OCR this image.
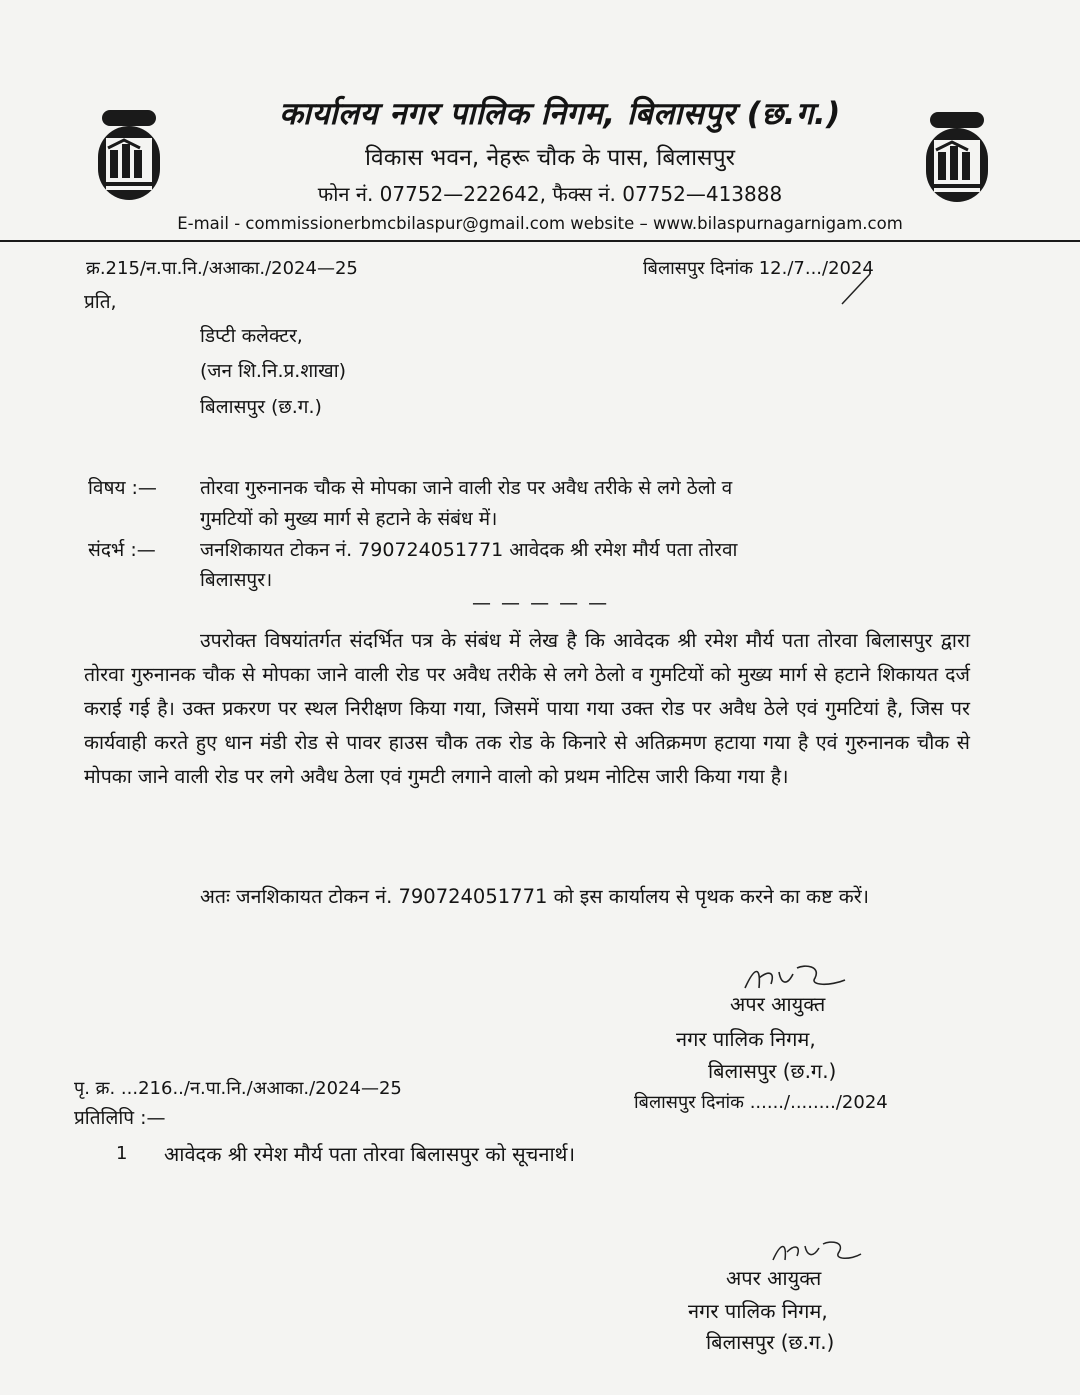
कार्यालय नगर पालिक निगम, बिलासपुर (छ.ग.)
विकास भवन, नेहरू चौक के पास, बिलासपुर
फोन नं. 07752—222642, फैक्स नं. 07752—413888
E-mail - commissionerbmcbilaspur@gmail.com website – www.bilaspurnagarnigam.com
क्र.215/न.पा.नि./अआका./2024—25	बिलासपुर दिनांक 12./7.../2024
प्रति,
डिप्टी कलेक्टर,
(जन शि.नि.प्र.शाखा)
बिलासपुर (छ.ग.)
विषय :— तोरवा गुरुनानक चौक से मोपका जाने वाली रोड पर अवैध तरीके से लगे ठेलो व
गुमटियों को मुख्य मार्ग से हटाने के संबंध में।
संदर्भ :— जनशिकायत टोकन नं. 790724051771 आवेदक श्री रमेश मौर्य पता तोरवा
बिलासपुर।
— — — — —
उपरोक्त विषयांतर्गत संदर्भित पत्र के संबंध में लेख है कि आवेदक श्री रमेश मौर्य पता तोरवा बिलासपुर द्वारा तोरवा गुरुनानक चौक से मोपका जाने वाली रोड पर अवैध तरीके से लगे ठेलो व गुमटियों को मुख्य मार्ग से हटाने शिकायत दर्ज कराई गई है। उक्त प्रकरण पर स्थल निरीक्षण किया गया, जिसमें पाया गया उक्त रोड पर अवैध ठेले एवं गुमटियां है, जिस पर कार्यवाही करते हुए धान मंडी रोड से पावर हाउस चौक तक रोड के किनारे से अतिक्रमण हटाया गया है एवं गुरुनानक चौक से मोपका जाने वाली रोड पर लगे अवैध ठेला एवं गुमटी लगाने वालो को प्रथम नोटिस जारी किया गया है।
अतः जनशिकायत टोकन नं. 790724051771 को इस कार्यालय से पृथक करने का कष्ट करें।
अपर आयुक्त
नगर पालिक निगम,
बिलासपुर (छ.ग.)
पृ. क्र. ...216../न.पा.नि./अआका./2024—25
बिलासपुर दिनांक ....../......../2024
प्रतिलिपि :—
1 आवेदक श्री रमेश मौर्य पता तोरवा बिलासपुर को सूचनार्थ।
अपर आयुक्त
नगर पालिक निगम,
बिलासपुर (छ.ग.)
